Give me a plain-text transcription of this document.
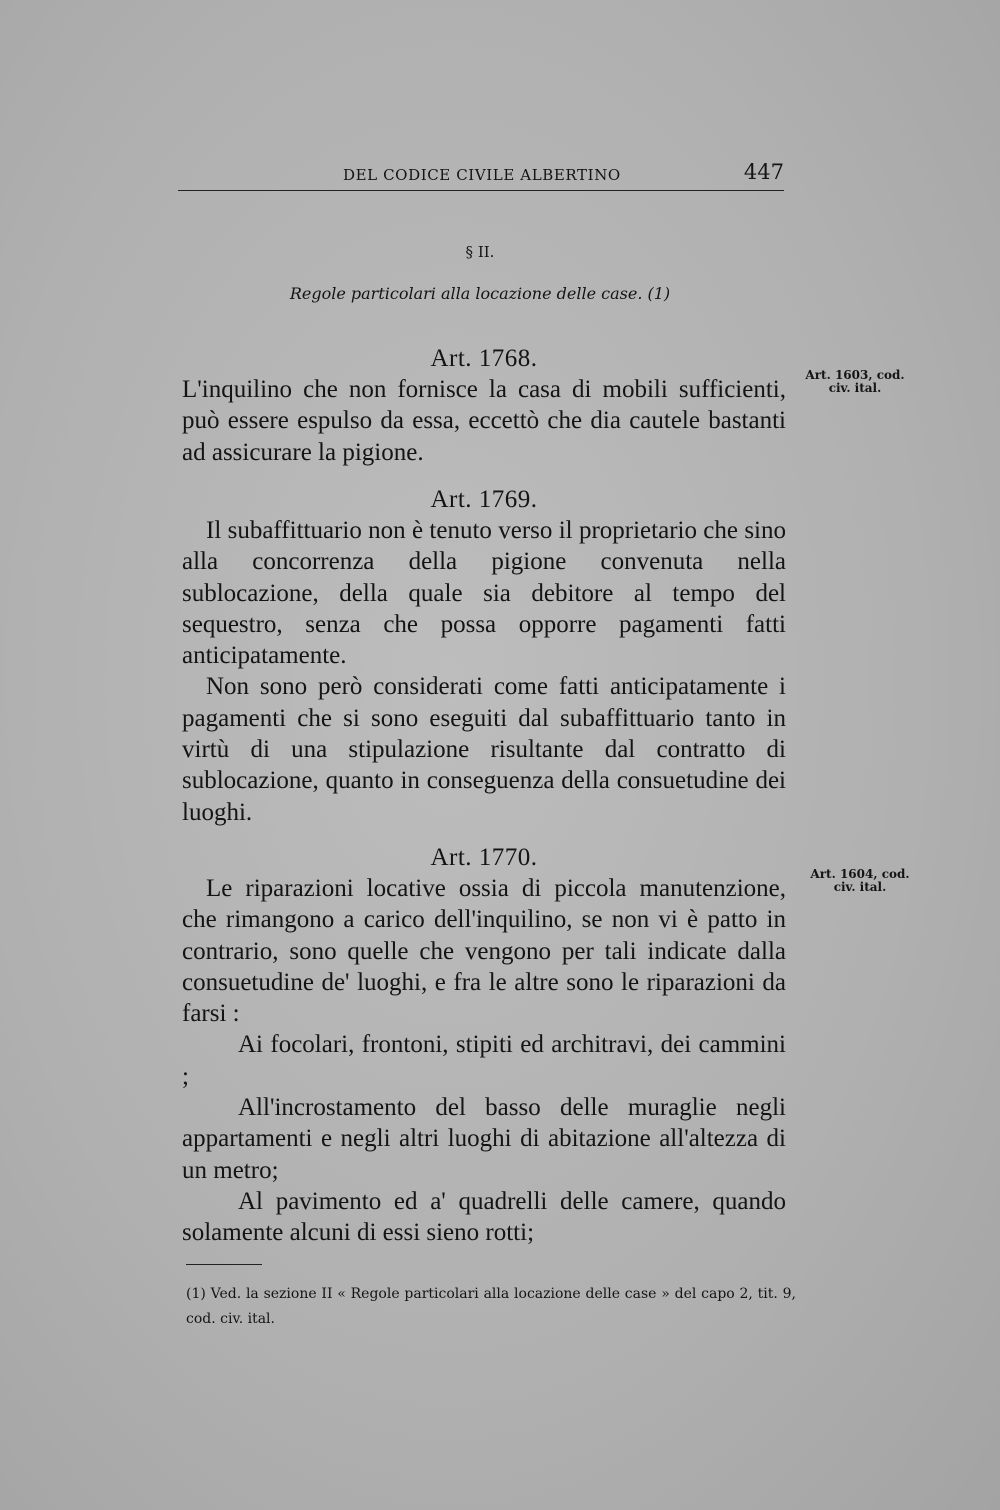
DEL CODICE CIVILE ALBERTINO	447
§ II.
Regole particolari alla locazione delle case. (1)

Art. 1768.

L'inquilino che non fornisce la casa di mobili sufficienti, può essere espulso da essa, eccettò che dia cautele bastanti ad assicurare la pigione.

Art. 1603, cod. civ. ital.

Art. 1769.

Il subaffittuario non è tenuto verso il proprietario che sino alla concorrenza della pigione convenuta nella sublocazione, della quale sia debitore al tempo del sequestro, senza che possa opporre pagamenti fatti anticipatamente.

Non sono però considerati come fatti anticipatamente i pagamenti che si sono eseguiti dal subaffittuario tanto in virtù di una stipulazione risultante dal contratto di sublocazione, quanto in conseguenza della consuetudine dei luoghi.

Art. 1770.

Le riparazioni locative ossia di piccola manutenzione, che rimangono a carico dell'inquilino, se non vi è patto in contrario, sono quelle che vengono per tali indicate dalla consuetudine de' luoghi, e fra le altre sono le riparazioni da farsi :

Ai focolari, frontoni, stipiti ed architravi, dei cammini ;

All'incrostamento del basso delle muraglie negli appartamenti e negli altri luoghi di abitazione all'altezza di un metro;

Al pavimento ed a' quadrelli delle camere, quando solamente alcuni di essi sieno rotti;

Art. 1604, cod. civ. ital.
(1) Ved. la sezione II « Regole particolari alla locazione delle case » del capo 2, tit. 9, cod. civ. ital.
